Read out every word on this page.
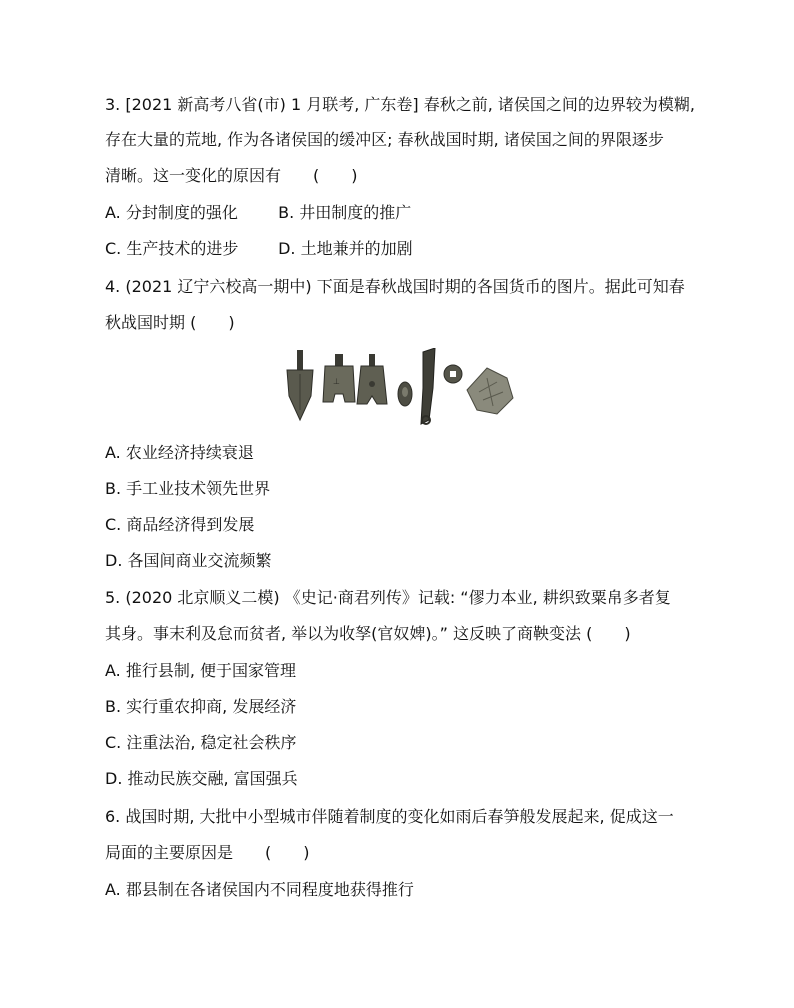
3. [2021 新高考八省(市) 1 月联考, 广东卷] 春秋之前, 诸侯国之间的边界较为模糊,
存在大量的荒地, 作为各诸侯国的缓冲区; 春秋战国时期, 诸侯国之间的界限逐步
清晰。这一变化的原因有　　(　　)
A. 分封制度的强化	B. 井田制度的推广
C. 生产技术的进步 D. 土地兼并的加剧
4. (2021 辽宁六校高一期中) 下面是春秋战国时期的各国货币的图片。据此可知春
秋战国时期 (　　)
⊥
A. 农业经济持续衰退
B. 手工业技术领先世界
C. 商品经济得到发展
D. 各国间商业交流频繁
5. (2020 北京顺义二模) 《史记·商君列传》记载: “僇力本业, 耕织致粟帛多者复
其身。事末利及怠而贫者, 举以为收孥(官奴婢)。” 这反映了商鞅变法 (　　)
A. 推行县制, 便于国家管理
B. 实行重农抑商, 发展经济
C. 注重法治, 稳定社会秩序
D. 推动民族交融, 富国强兵
6. 战国时期, 大批中小型城市伴随着制度的变化如雨后春笋般发展起来, 促成这一
局面的主要原因是　　(　　)
A. 郡县制在各诸侯国内不同程度地获得推行
